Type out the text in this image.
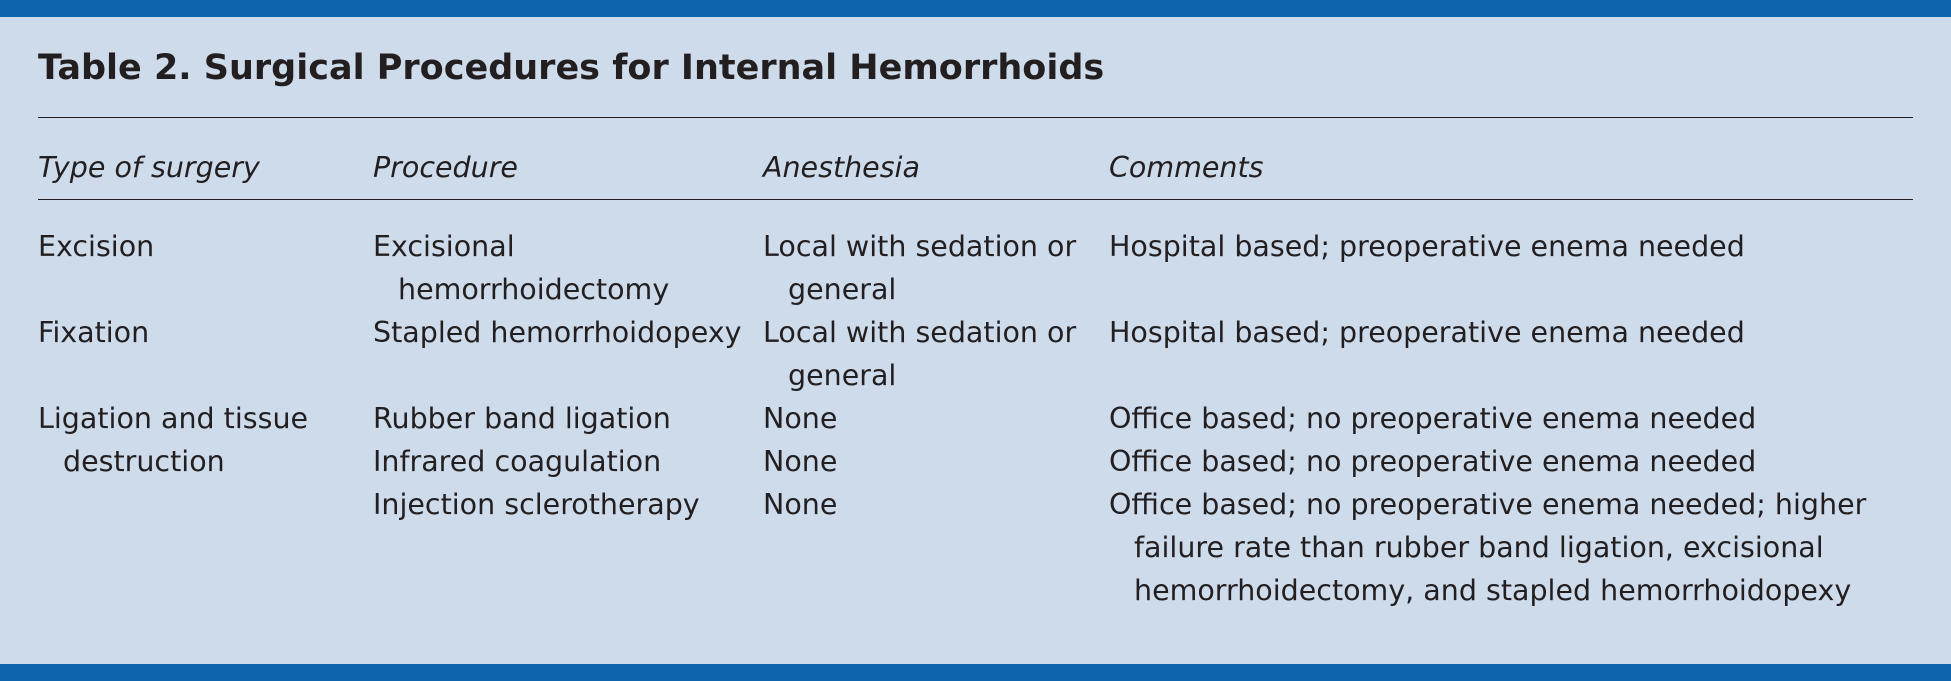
Table 2. Surgical Procedures for Internal Hemorrhoids
Type of surgery	Procedure	Anesthesia	Comments

Excision	Excisional hemorrhoidectomy	Local with sedation or general	Hospital based; preoperative enema needed

Fixation	Stapled hemorrhoidopexy	Local with sedation or general	Hospital based; preoperative enema needed

Ligation and tissue destruction	Rubber band ligation	None	Office based; no preoperative enema needed

	Infrared coagulation	None	Office based; no preoperative enema needed

	Injection sclerotherapy	None	Office based; no preoperative enema needed; higher failure rate than rubber band ligation, excisional hemorrhoidectomy, and stapled hemorrhoidopexy
